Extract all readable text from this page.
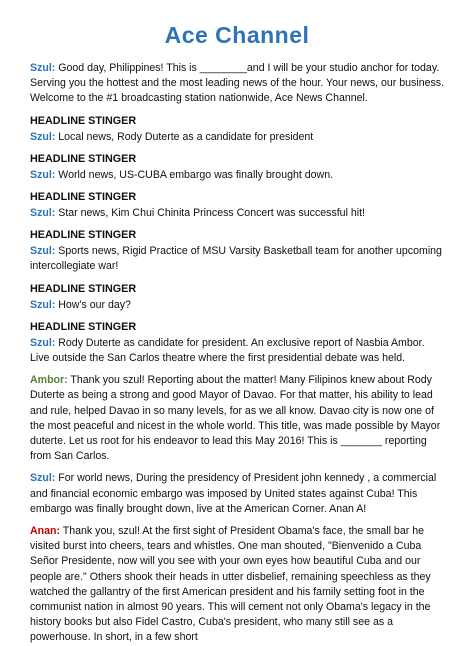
Ace Channel
Szul: Good day, Philippines! This is ________and I will be your studio anchor for today. Serving you the hottest and the most leading news of the hour. Your news, our business. Welcome to the #1 broadcasting station nationwide, Ace News Channel.
HEADLINE STINGER
Szul: Local news, Rody Duterte as a candidate for president
HEADLINE STINGER
Szul: World news, US-CUBA embargo was finally brought down.
HEADLINE STINGER
Szul: Star news, Kim Chui Chinita Princess Concert was successful hit!
HEADLINE STINGER
Szul: Sports news, Rigid Practice of MSU Varsity Basketball team for another upcoming intercollegiate war!
HEADLINE STINGER
Szul: How's our day?
HEADLINE STINGER
Szul: Rody Duterte as candidate for president. An exclusive report of Nasbia Ambor. Live outside the San Carlos theatre where the first presidential debate was held.
Ambor: Thank you szul! Reporting about the matter! Many Filipinos knew about Rody Duterte as being a strong and good Mayor of Davao. For that matter, his ability to lead and rule, helped Davao in so many levels, for as we all know. Davao city is now one of the most peaceful and nicest in the whole world. This title, was made possible by Mayor duterte. Let us root for his endeavor to lead this May 2016! This is _______ reporting from San Carlos.
Szul: For world news, During the presidency of President john kennedy , a commercial and financial economic embargo was imposed by United states against Cuba! This embargo was finally brought down, live at the American Corner. Anan A!
Anan: Thank you, szul! At the first sight of President Obama's face, the small bar he visited burst into cheers, tears and whistles. One man shouted, "Bienvenido a Cuba Señor Presidente, now will you see with your own eyes how beautiful Cuba and our people are." Others shook their heads in utter disbelief, remaining speechless as they watched the gallantry of the first American president and his family setting foot in the communist nation in almost 90 years. This will cement not only Obama's legacy in the history books but also Fidel Castro, Cuba's president, who many still see as a powerhouse. In short, in a few short
